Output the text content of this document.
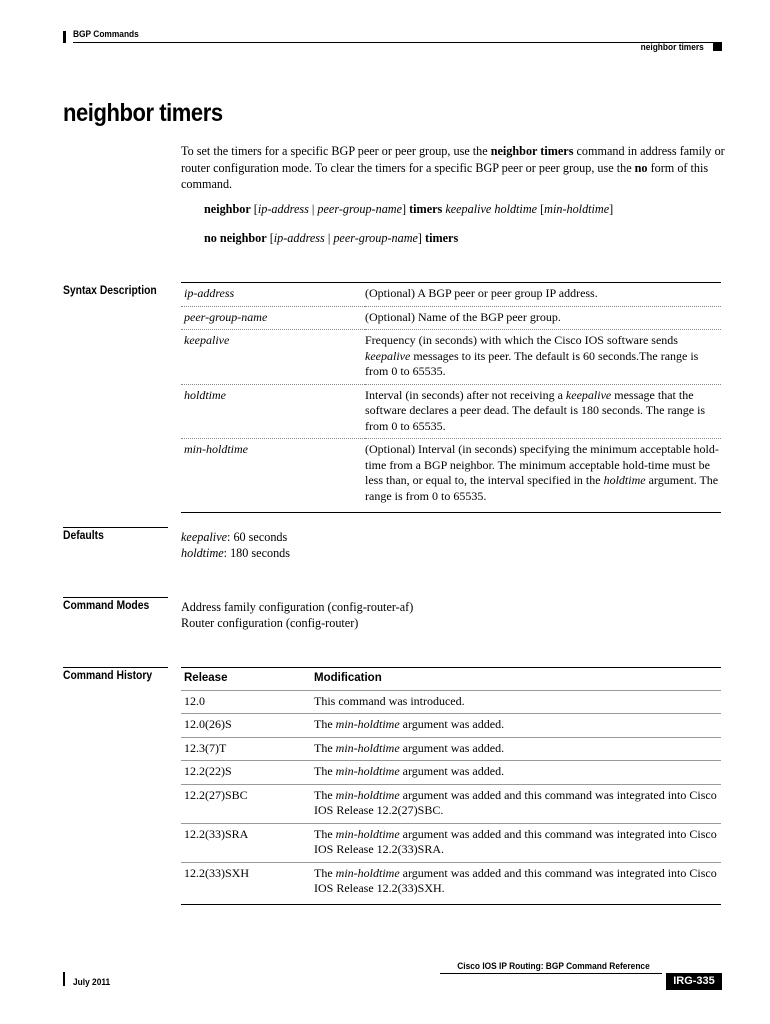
BGP Commands
neighbor timers
neighbor timers
To set the timers for a specific BGP peer or peer group, use the neighbor timers command in address family or router configuration mode. To clear the timers for a specific BGP peer or peer group, use the no form of this command.
neighbor [ip-address | peer-group-name] timers keepalive holdtime [min-holdtime]
no neighbor [ip-address | peer-group-name] timers
Syntax Description ip-address	(Optional) A BGP peer or peer group IP address.
peer-group-name	(Optional) Name of the BGP peer group.
keepalive	Frequency (in seconds) with which the Cisco IOS software sends keepalive messages to its peer. The default is 60 seconds.The range is from 0 to 65535.
holdtime	Interval (in seconds) after not receiving a keepalive message that the software declares a peer dead. The default is 180 seconds. The range is from 0 to 65535.
min-holdtime	(Optional) Interval (in seconds) specifying the minimum acceptable hold-time from a BGP neighbor. The minimum acceptable hold-time must be less than, or equal to, the interval specified in the holdtime argument. The range is from 0 to 65535.
Defaults	keepalive: 60 seconds
holdtime: 180 seconds
Command Modes	Address family configuration (config-router-af)
Router configuration (config-router)
Command History	Release	Modification
12.0	This command was introduced.
12.0(26)S	The min-holdtime argument was added.
12.3(7)T	The min-holdtime argument was added.
12.2(22)S	The min-holdtime argument was added.
12.2(27)SBC	The min-holdtime argument was added and this command was integrated into Cisco IOS Release 12.2(27)SBC.
12.2(33)SRA	The min-holdtime argument was added and this command was integrated into Cisco IOS Release 12.2(33)SRA.
12.2(33)SXH	The min-holdtime argument was added and this command was integrated into Cisco IOS Release 12.2(33)SXH.
Cisco IOS IP Routing: BGP Command Reference
July 2011	IRG-335
